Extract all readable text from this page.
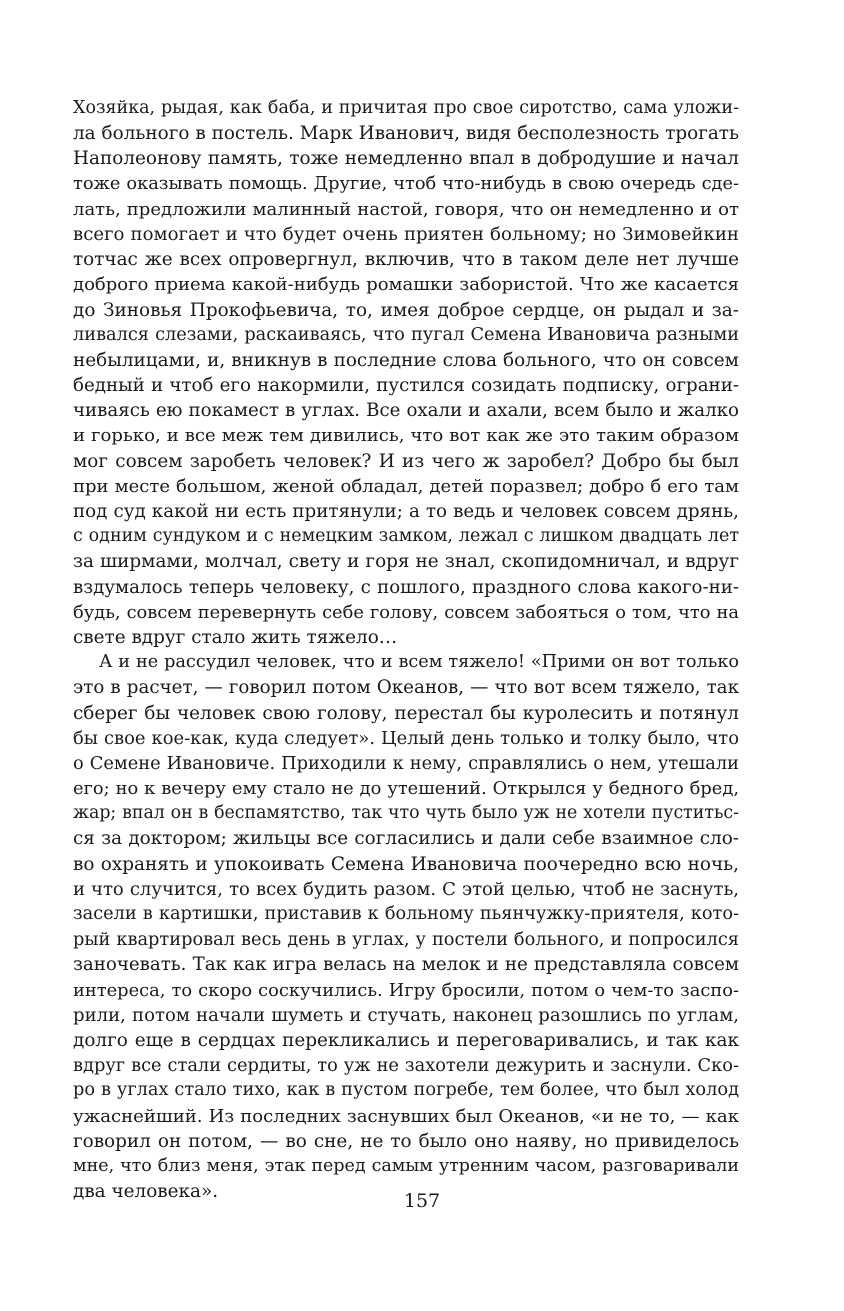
Хозяйка, рыдая, как баба, и причитая про свое сиротство, сама уложи-
ла больного в постель. Марк Иванович, видя бесполезность трогать
Наполеонову память, тоже немедленно впал в добродушие и начал
тоже оказывать помощь. Другие, чтоб что-нибудь в свою очередь сде-
лать, предложили малинный настой, говоря, что он немедленно и от
всего помогает и что будет очень приятен больному; но Зимовейкин
тотчас же всех опровергнул, включив, что в таком деле нет лучше
доброго приема какой-нибудь ромашки забористой. Что же касается
до Зиновья Прокофьевича, то, имея доброе сердце, он рыдал и за-
ливался слезами, раскаиваясь, что пугал Семена Ивановича разными
небылицами, и, вникнув в последние слова больного, что он совсем
бедный и чтоб его накормили, пустился созидать подписку, ограни-
чиваясь ею покамест в углах. Все охали и ахали, всем было и жалко
и горько, и все меж тем дивились, что вот как же это таким образом
мог совсем заробеть человек? И из чего ж заробел? Добро бы был
при месте большом, женой обладал, детей поразвел; добро б его там
под суд какой ни есть притянули; а то ведь и человек совсем дрянь,
с одним сундуком и с немецким замком, лежал с лишком двадцать лет
за ширмами, молчал, свету и горя не знал, скопидомничал, и вдруг
вздумалось теперь человеку, с пошлого, праздного слова какого-ни-
будь, совсем перевернуть себе голову, совсем забояться о том, что на
свете вдруг стало жить тяжело…
А и не рассудил человек, что и всем тяжело! «Прими он вот только
это в расчет, — говорил потом Океанов, — что вот всем тяжело, так
сберег бы человек свою голову, перестал бы куролесить и потянул
бы свое кое-как, куда следует». Целый день только и толку было, что
о Семене Ивановиче. Приходили к нему, справлялись о нем, утешали
его; но к вечеру ему стало не до утешений. Открылся у бедного бред,
жар; впал он в беспамятство, так что чуть было уж не хотели пуститьс-
ся за доктором; жильцы все согласились и дали себе взаимное сло-
во охранять и упокоивать Семена Ивановича поочередно всю ночь,
и что случится, то всех будить разом. С этой целью, чтоб не заснуть,
засели в картишки, приставив к больному пьянчужку-приятеля, кото-
рый квартировал весь день в углах, у постели больного, и попросился
заночевать. Так как игра велась на мелок и не представляла совсем
интереса, то скоро соскучились. Игру бросили, потом о чем-то заспо-
рили, потом начали шуметь и стучать, наконец разошлись по углам,
долго еще в сердцах перекликались и переговаривались, и так как
вдруг все стали сердиты, то уж не захотели дежурить и заснули. Ско-
ро в углах стало тихо, как в пустом погребе, тем более, что был холод
ужаснейший. Из последних заснувших был Океанов, «и не то, — как
говорил он потом, — во сне, не то было оно наяву, но привиделось
мне, что близ меня, этак перед самым утренним часом, разговаривали
два человека».	157
